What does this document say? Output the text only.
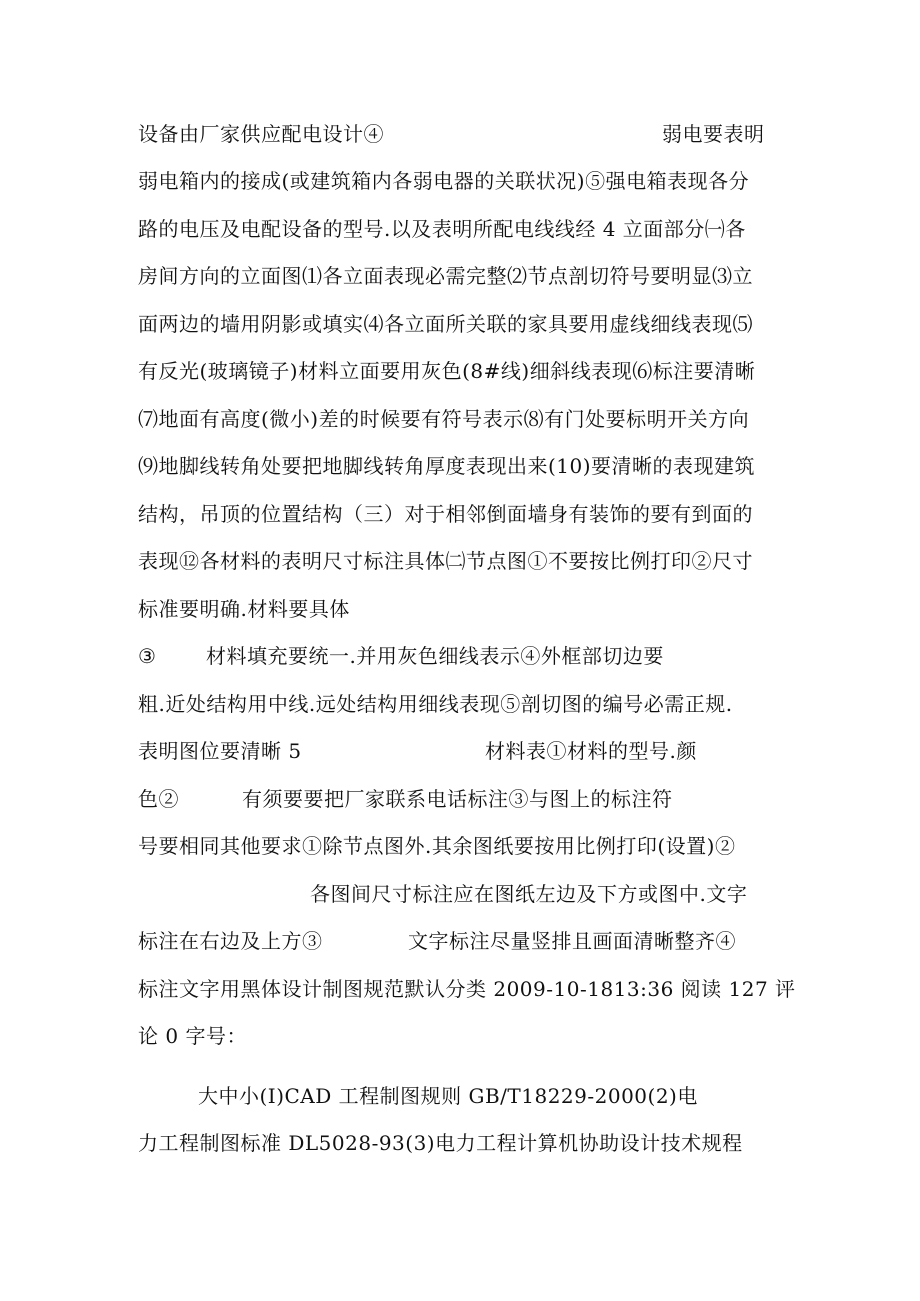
设备由厂家供应配电设计④	弱电要表明
弱电箱内的接成(或建筑箱内各弱电器的关联状况)⑤强电箱表现各分
路的电压及电配设备的型号.以及表明所配电线线经 4 立面部分㈠各
房间方向的立面图⑴各立面表现必需完整⑵节点剖切符号要明显⑶立
面两边的墙用阴影或填实⑷各立面所关联的家具要用虚线细线表现⑸
有反光(玻璃镜子)材料立面要用灰色(8#线)细斜线表现⑹标注要清晰
⑺地面有高度(微小)差的时候要有符号表示⑻有门处要标明开关方向
⑼地脚线转角处要把地脚线转角厚度表现出来(10)要清晰的表现建筑
结构，吊顶的位置结构（三）对于相邻倒面墙身有装饰的要有到面的
表现⑫各材料的表明尺寸标注具体㈡节点图①不要按比例打印②尺寸
标准要明确.材料要具体
③ 材料填充要统一.并用灰色细线表示④外框部切边要
粗.近处结构用中线.远处结构用细线表现⑤剖切图的编号必需正规.
表明图位要清晰 5	材料表①材料的型号.颜
色②	有须要要把厂家联系电话标注③与图上的标注符
号要相同其他要求①除节点图外.其余图纸要按用比例打印(设置)②
各图间尺寸标注应在图纸左边及下方或图中.文字
标注在右边及上方③	文字标注尽量竖排且画面清晰整齐④
标注文字用黑体设计制图规范默认分类 2009-10-1813:36 阅读 127 评
论 0 字号：
大中小(I)CAD 工程制图规则 GB/T18229-2000(2)电
力工程制图标准 DL5028-93(3)电力工程计算机协助设计技术规程
